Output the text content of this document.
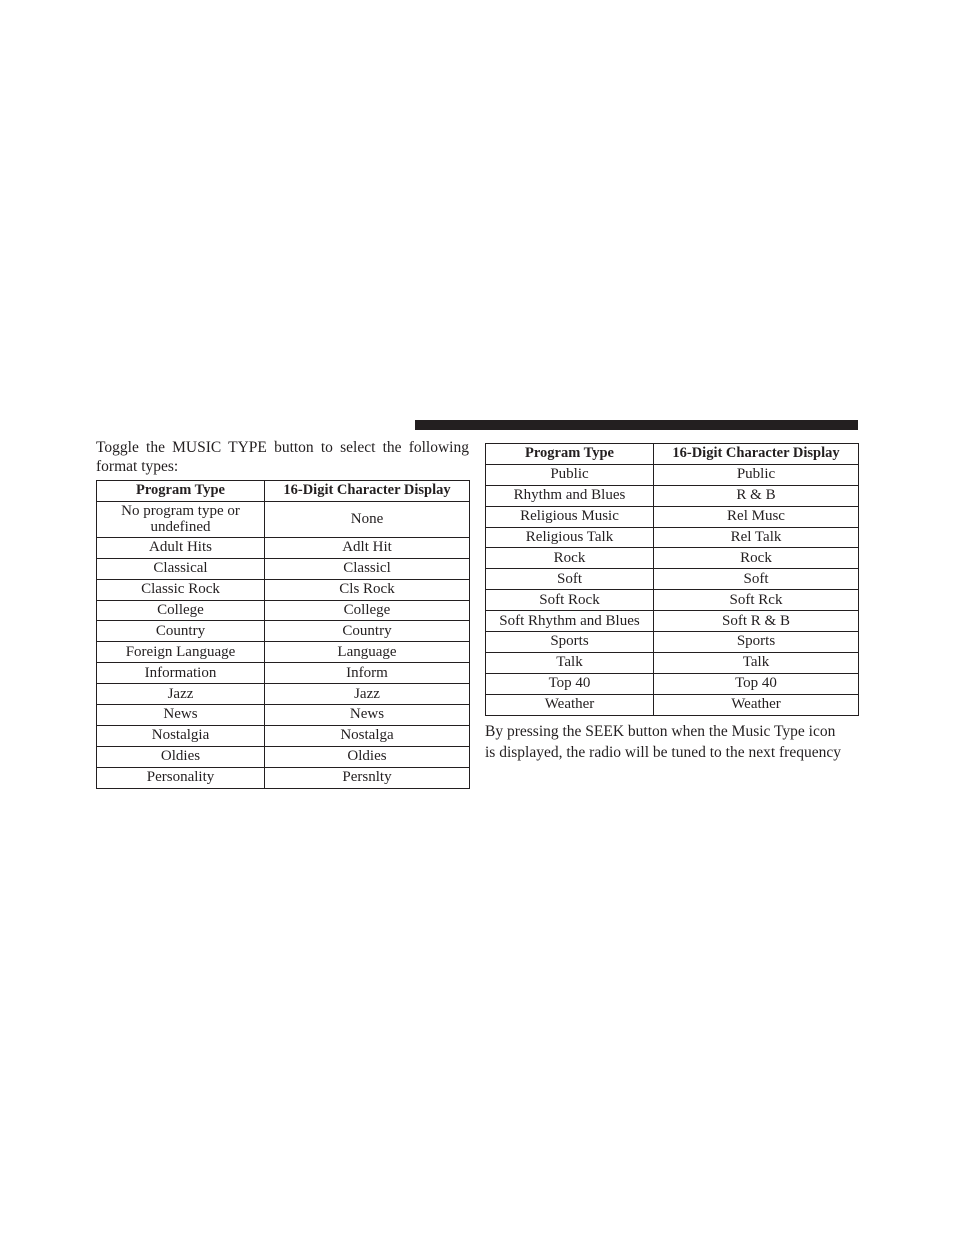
Toggle the MUSIC TYPE button to select the following format types:

Program Type	16-Digit Character Display
No program type or undefined	None
Adult Hits	Adlt Hit
Classical	Classicl
Classic Rock	Cls Rock
College	College
Country	Country
Foreign Language	Language
Information	Inform
Jazz	Jazz
News	News
Nostalgia	Nostalga
Oldies	Oldies
Personality	Persnlty
Program Type	16-Digit Character Display
Public	Public
Rhythm and Blues	R & B
Religious Music	Rel Musc
Religious Talk	Rel Talk
Rock	Rock
Soft	Soft
Soft Rock	Soft Rck
Soft Rhythm and Blues	Soft R & B
Sports	Sports
Talk	Talk
Top 40	Top 40
Weather	Weather
By pressing the SEEK button when the Music Type icon
is displayed, the radio will be tuned to the next frequency
